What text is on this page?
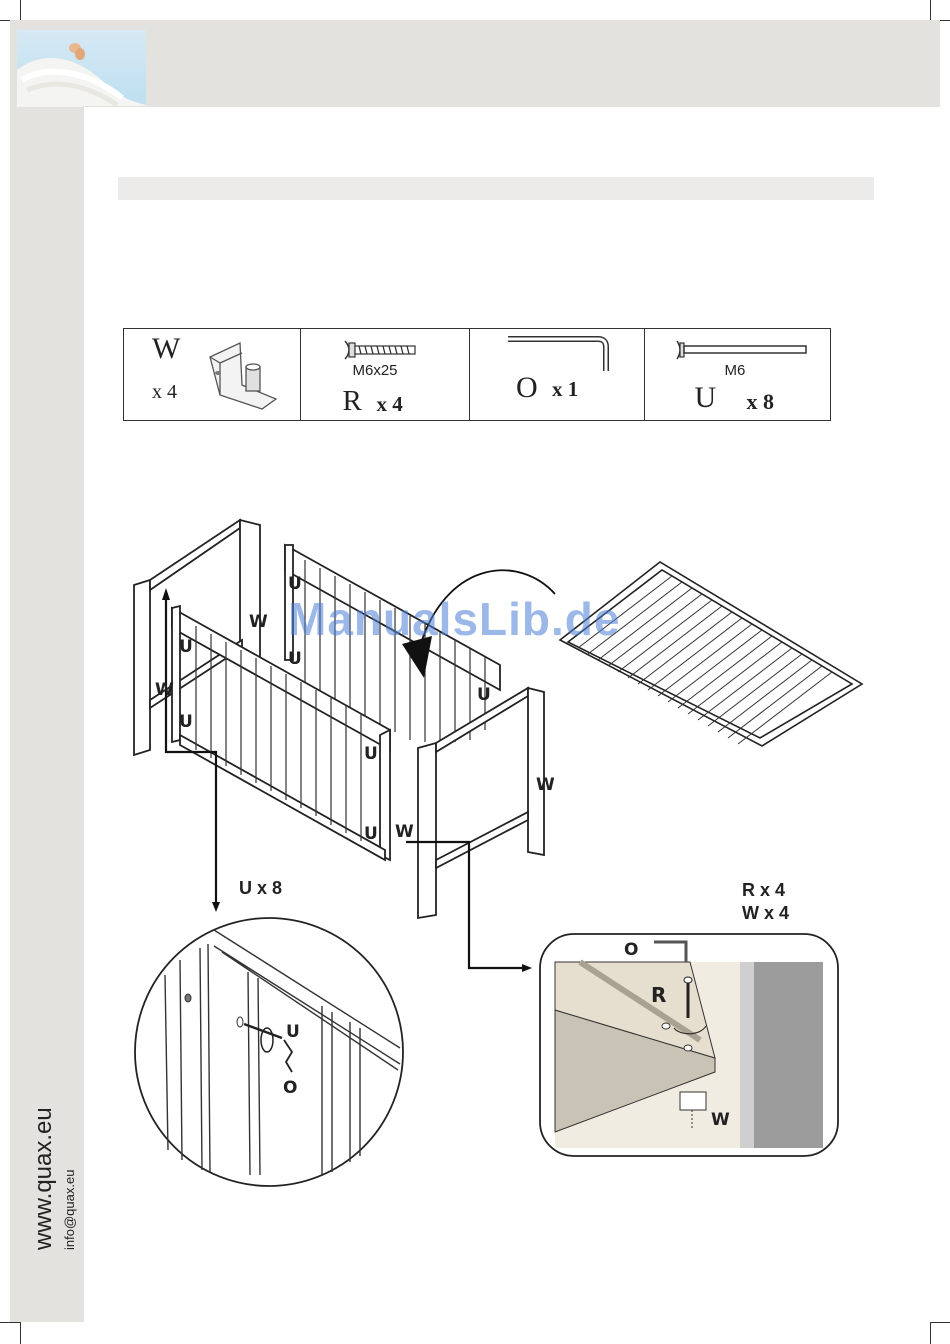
W
x 4
M6x25
R x 4	O x 1
M6
U x 8
U
W
U
U
W	U
U
U
W
U W
U x 8
U
O
R x 4
W x 4
O
R
W
ManualsLib.de
www.quax.eu info@quax.eu
